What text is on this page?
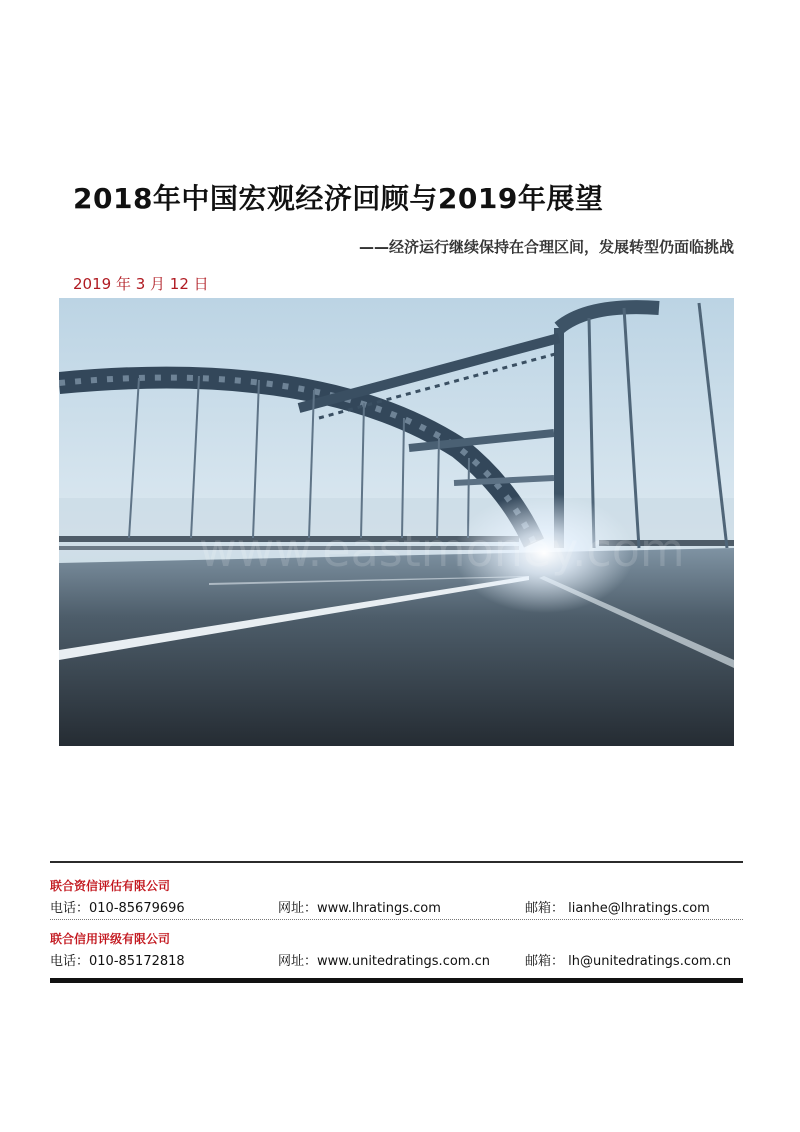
2018年中国宏观经济回顾与2019年展望
——经济运行继续保持在合理区间，发展转型仍面临挑战
2019 年 3 月 12 日
www.eastmoney.com
联合资信评估有限公司
电话：010-85679696	网址：www.lhratings.com	邮箱： lianhe@lhratings.com
联合信用评级有限公司
电话：010-85172818	网址：www.unitedratings.com.cn	邮箱： lh@unitedratings.com.cn
